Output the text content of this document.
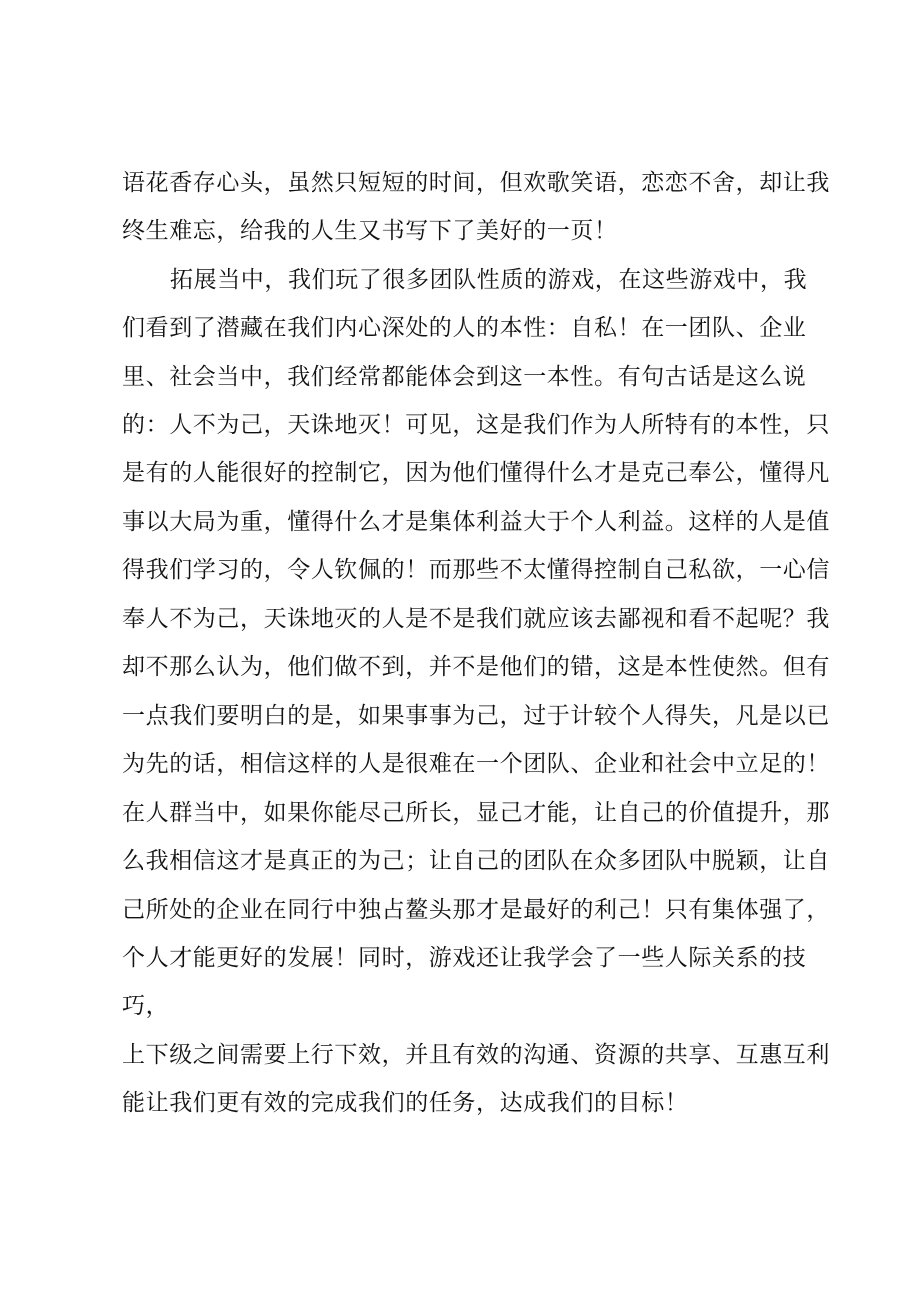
语花香存心头，虽然只短短的时间，但欢歌笑语，恋恋不舍，却让我
终生难忘，给我的人生又书写下了美好的一页！
拓展当中，我们玩了很多团队性质的游戏，在这些游戏中，我
们看到了潜藏在我们内心深处的人的本性：自私！在一团队、企业
里、社会当中，我们经常都能体会到这一本性。有句古话是这么说
的：人不为己，天诛地灭！可见，这是我们作为人所特有的本性，只
是有的人能很好的控制它，因为他们懂得什么才是克己奉公，懂得凡
事以大局为重，懂得什么才是集体利益大于个人利益。这样的人是值
得我们学习的，令人钦佩的！而那些不太懂得控制自己私欲，一心信
奉人不为己，天诛地灭的人是不是我们就应该去鄙视和看不起呢？我
却不那么认为，他们做不到，并不是他们的错，这是本性使然。但有
一点我们要明白的是，如果事事为己，过于计较个人得失，凡是以已
为先的话，相信这样的人是很难在一个团队、企业和社会中立足的！
在人群当中，如果你能尽己所长，显己才能，让自己的价值提升，那
么我相信这才是真正的为己；让自己的团队在众多团队中脱颖，让自
己所处的企业在同行中独占鳌头那才是最好的利己！只有集体强了，
个人才能更好的发展！同时，游戏还让我学会了一些人际关系的技
巧，
上下级之间需要上行下效，并且有效的沟通、资源的共享、互惠互利
能让我们更有效的完成我们的任务，达成我们的目标！
